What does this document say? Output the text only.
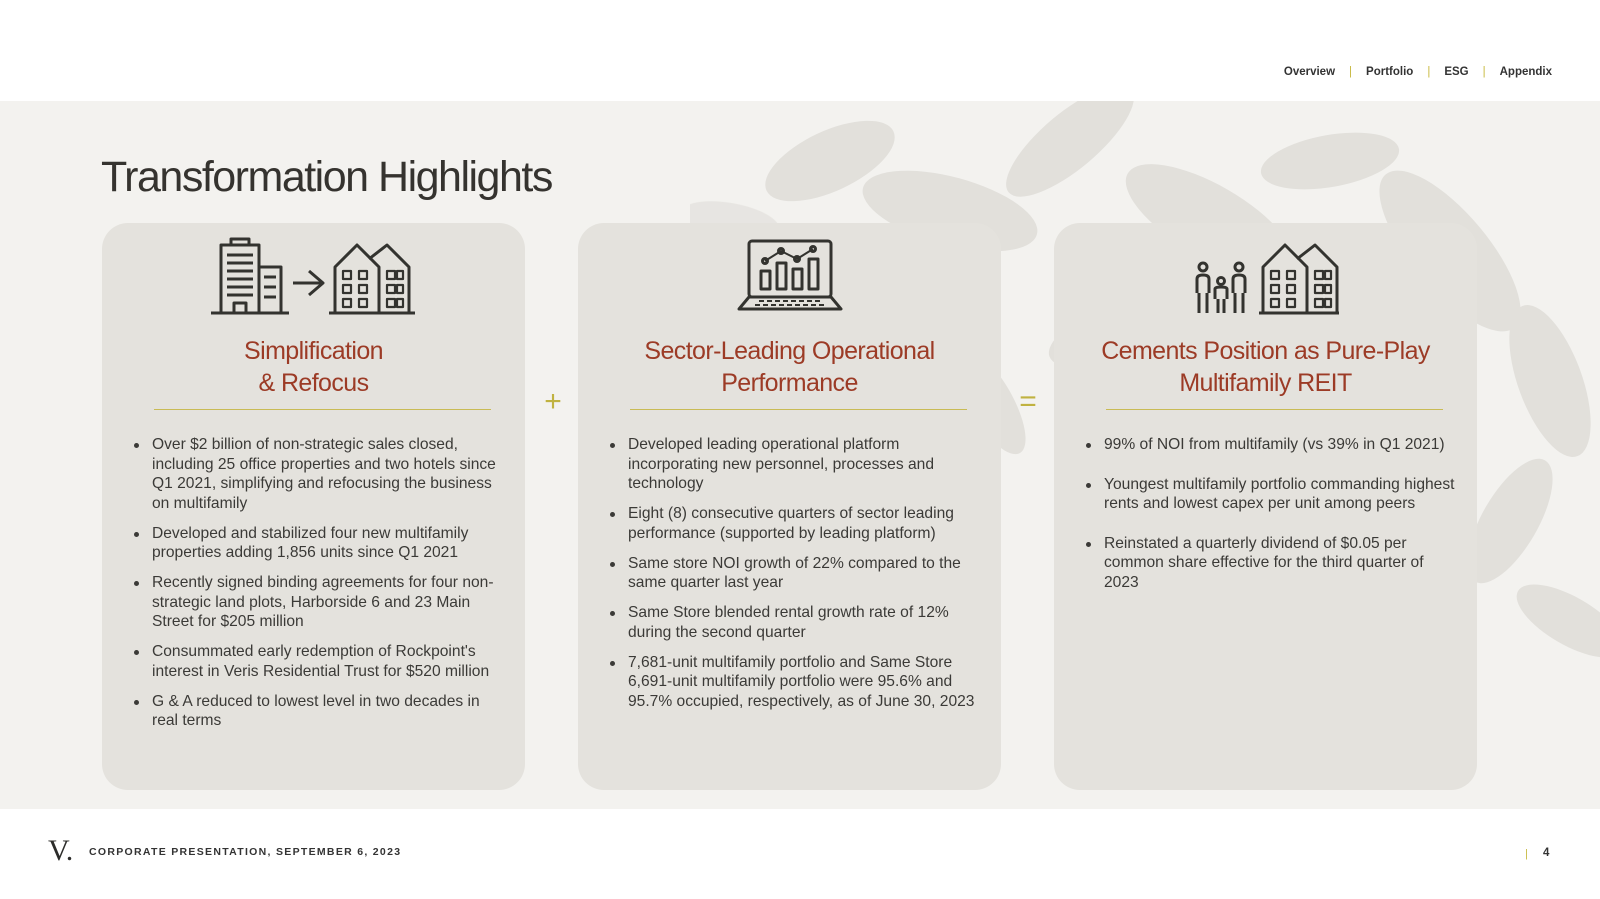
Overview | Portfolio | ESG | Appendix
Transformation Highlights
Simplification
& Refocus
Over $2 billion of non-strategic sales closed, including 25 office properties and two hotels since Q1 2021, simplifying and refocusing the business on multifamily
Developed and stabilized four new multifamily properties adding 1,856 units since Q1 2021
Recently signed binding agreements for four non-strategic land plots, Harborside 6 and 23 Main Street for $205 million
Consummated early redemption of Rockpoint's interest in Veris Residential Trust for $520 million
G & A reduced to lowest level in two decades in real terms
+
Sector-Leading Operational
Performance
Developed leading operational platform incorporating new personnel, processes and technology
Eight (8) consecutive quarters of sector leading performance (supported by leading platform)
Same store NOI growth of 22% compared to the same quarter last year
Same Store blended rental growth rate of 12% during the second quarter
7,681-unit multifamily portfolio and Same Store 6,691-unit multifamily portfolio were 95.6% and 95.7% occupied, respectively, as of June 30, 2023
=
Cements Position as Pure-Play
Multifamily REIT
99% of NOI from multifamily (vs 39% in Q1 2021)
Youngest multifamily portfolio commanding highest rents and lowest capex per unit among peers
Reinstated a quarterly dividend of $0.05 per common share effective for the third quarter of 2023
V. CORPORATE PRESENTATION, SEPTEMBER 6, 2023	| 4
